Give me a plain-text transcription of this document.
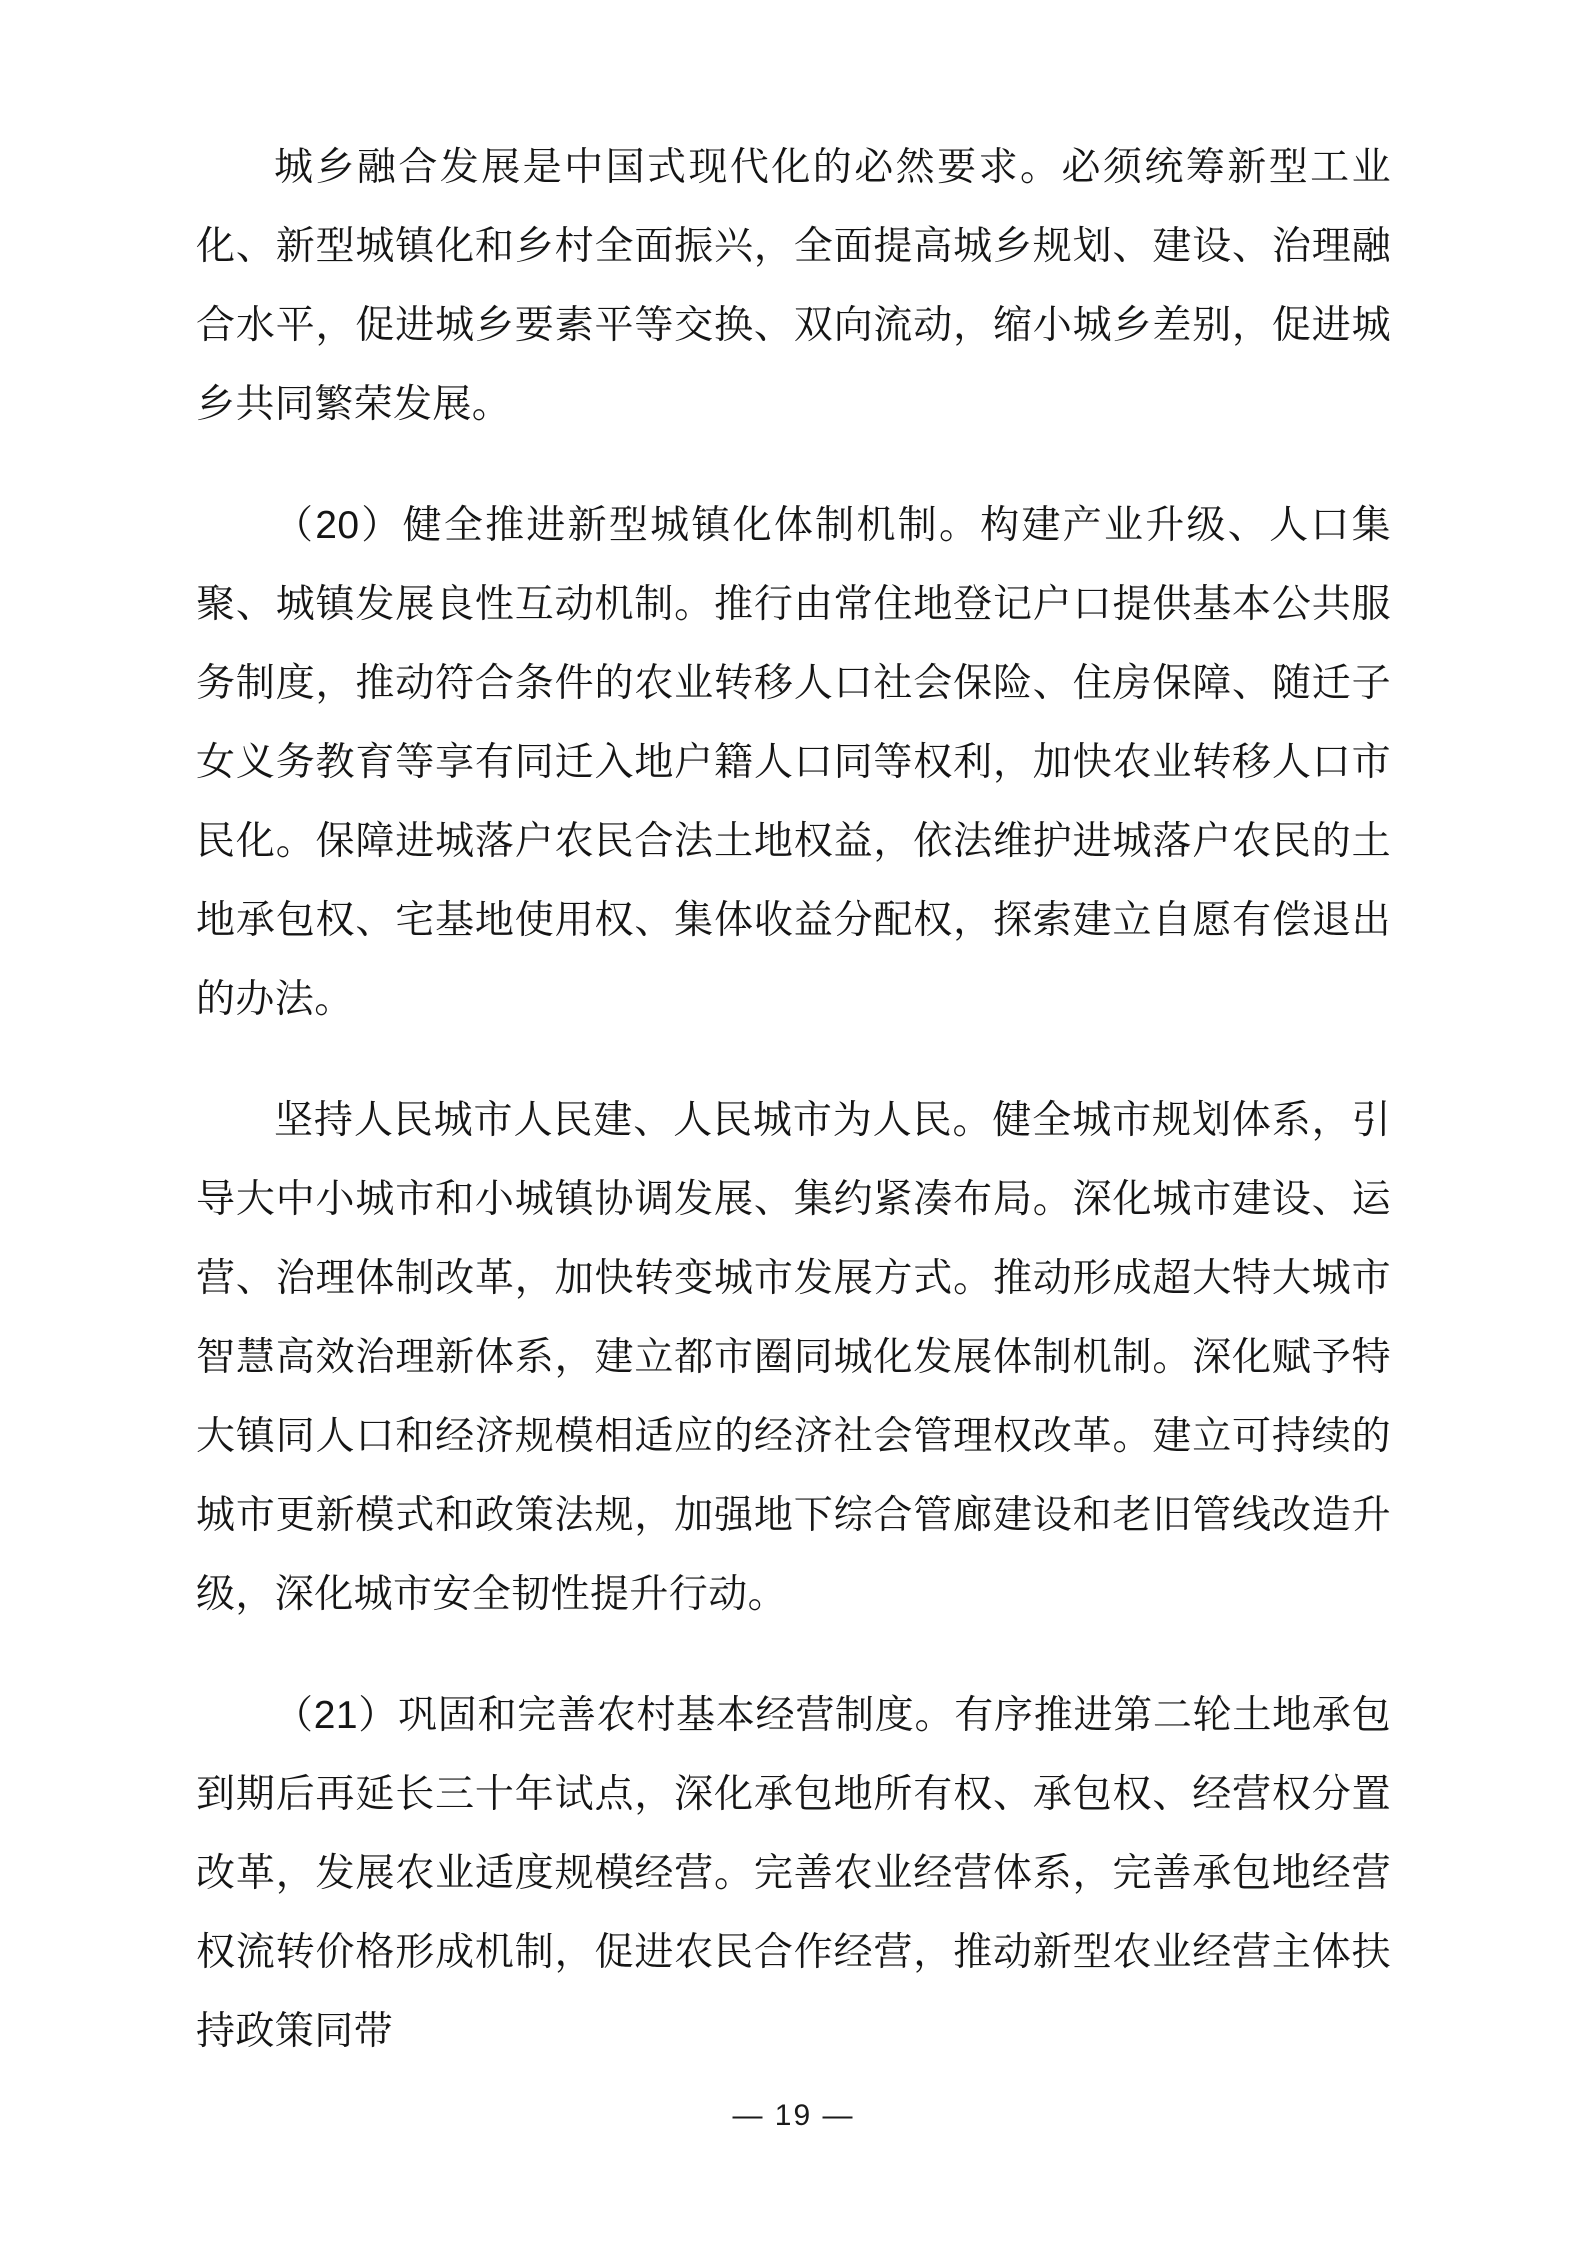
城乡融合发展是中国式现代化的必然要求。必须统筹新型工业化、新型城镇化和乡村全面振兴，全面提高城乡规划、建设、治理融合水平，促进城乡要素平等交换、双向流动，缩小城乡差别，促进城乡共同繁荣发展。

（20）健全推进新型城镇化体制机制。构建产业升级、人口集聚、城镇发展良性互动机制。推行由常住地登记户口提供基本公共服务制度，推动符合条件的农业转移人口社会保险、住房保障、随迁子女义务教育等享有同迁入地户籍人口同等权利，加快农业转移人口市民化。保障进城落户农民合法土地权益，依法维护进城落户农民的土地承包权、宅基地使用权、集体收益分配权，探索建立自愿有偿退出的办法。

坚持人民城市人民建、人民城市为人民。健全城市规划体系，引导大中小城市和小城镇协调发展、集约紧凑布局。深化城市建设、运营、治理体制改革，加快转变城市发展方式。推动形成超大特大城市智慧高效治理新体系，建立都市圈同城化发展体制机制。深化赋予特大镇同人口和经济规模相适应的经济社会管理权改革。建立可持续的城市更新模式和政策法规，加强地下综合管廊建设和老旧管线改造升级，深化城市安全韧性提升行动。

（21）巩固和完善农村基本经营制度。有序推进第二轮土地承包到期后再延长三十年试点，深化承包地所有权、承包权、经营权分置改革，发展农业适度规模经营。完善农业经营体系，完善承包地经营权流转价格形成机制，促进农民合作经营，推动新型农业经营主体扶持政策同带

— 19 —
